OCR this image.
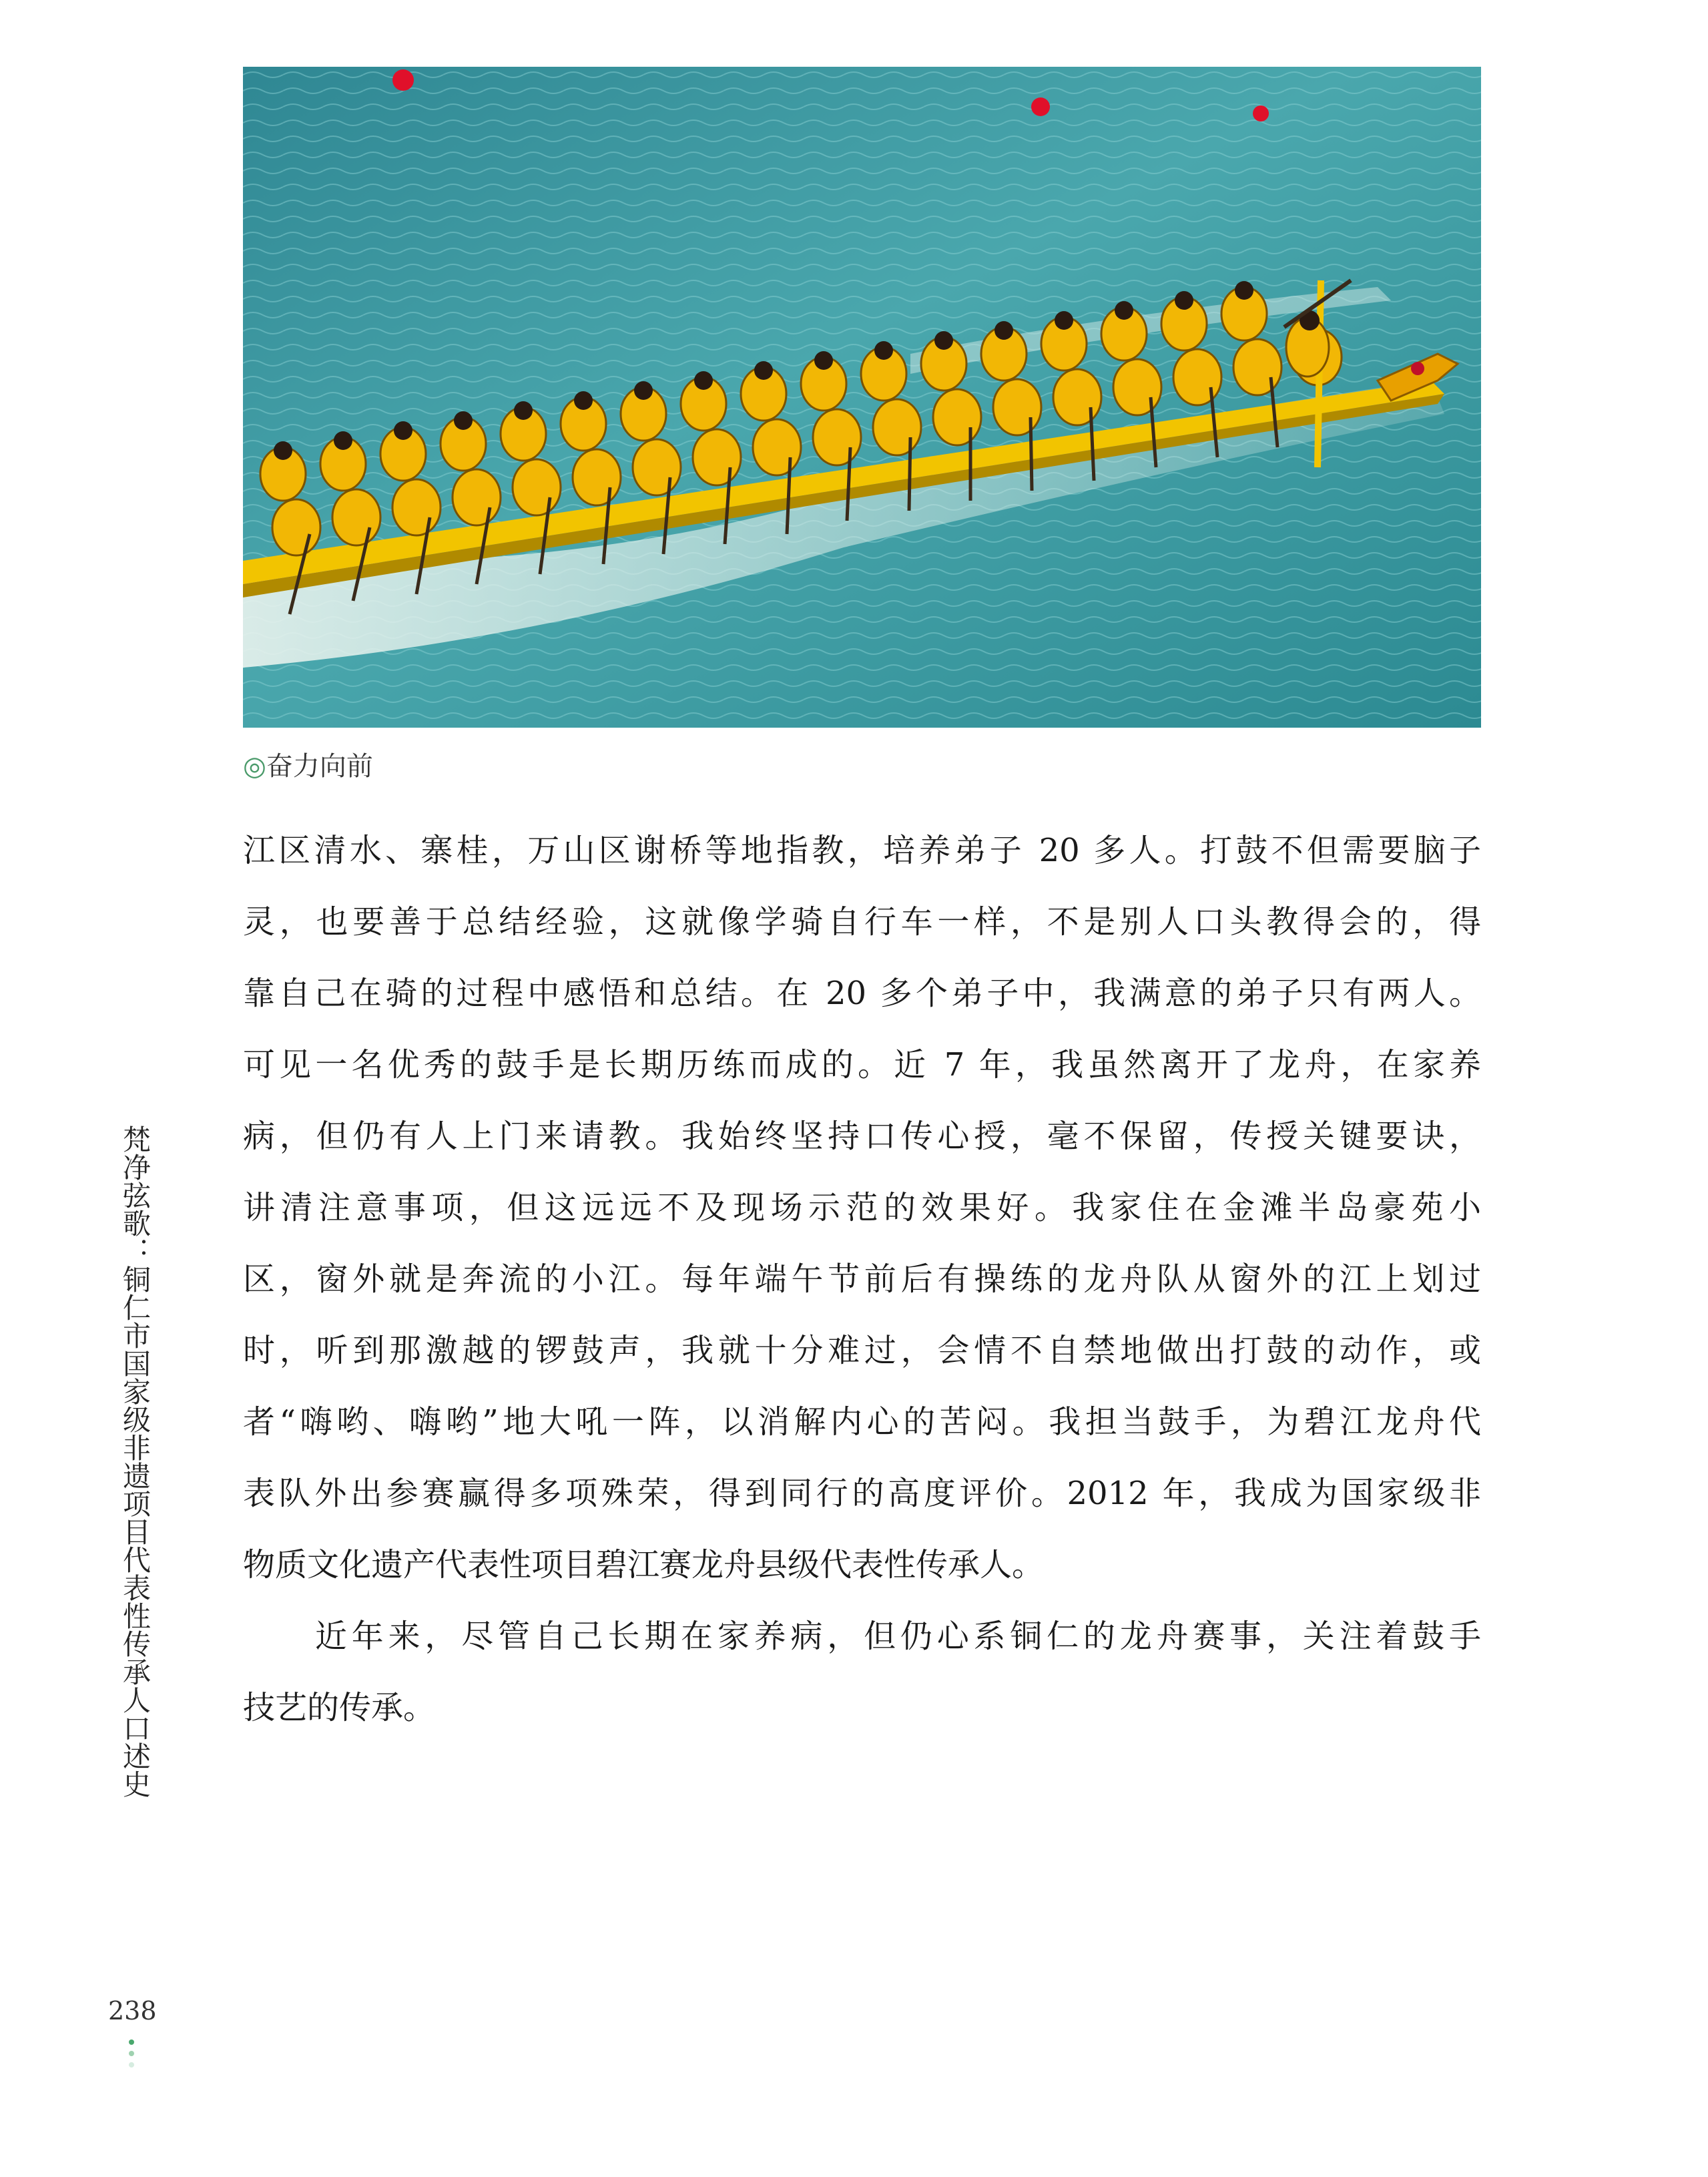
◎奋力向前
江区清水、寨桂，万山区谢桥等地指教，培养弟子 20 多人。打鼓不但需要脑子
灵，也要善于总结经验，这就像学骑自行车一样，不是别人口头教得会的，得
靠自己在骑的过程中感悟和总结。在 20 多个弟子中，我满意的弟子只有两人。
可见一名优秀的鼓手是长期历练而成的。近 7 年，我虽然离开了龙舟，在家养
病，但仍有人上门来请教。我始终坚持口传心授，毫不保留，传授关键要诀，
讲清注意事项，但这远远不及现场示范的效果好。我家住在金滩半岛豪苑小
区，窗外就是奔流的小江。每年端午节前后有操练的龙舟队从窗外的江上划过
时，听到那激越的锣鼓声，我就十分难过，会情不自禁地做出打鼓的动作，或
者“嗨哟、嗨哟”地大吼一阵，以消解内心的苦闷。我担当鼓手，为碧江龙舟代
表队外出参赛赢得多项殊荣，得到同行的高度评价。2012 年，我成为国家级非
物质文化遗产代表性项目碧江赛龙舟县级代表性传承人。
近年来，尽管自己长期在家养病，但仍心系铜仁的龙舟赛事，关注着鼓手
技艺的传承。
梵净弦歌：铜仁市国家级非遗项目代表性传承人口述史
238
